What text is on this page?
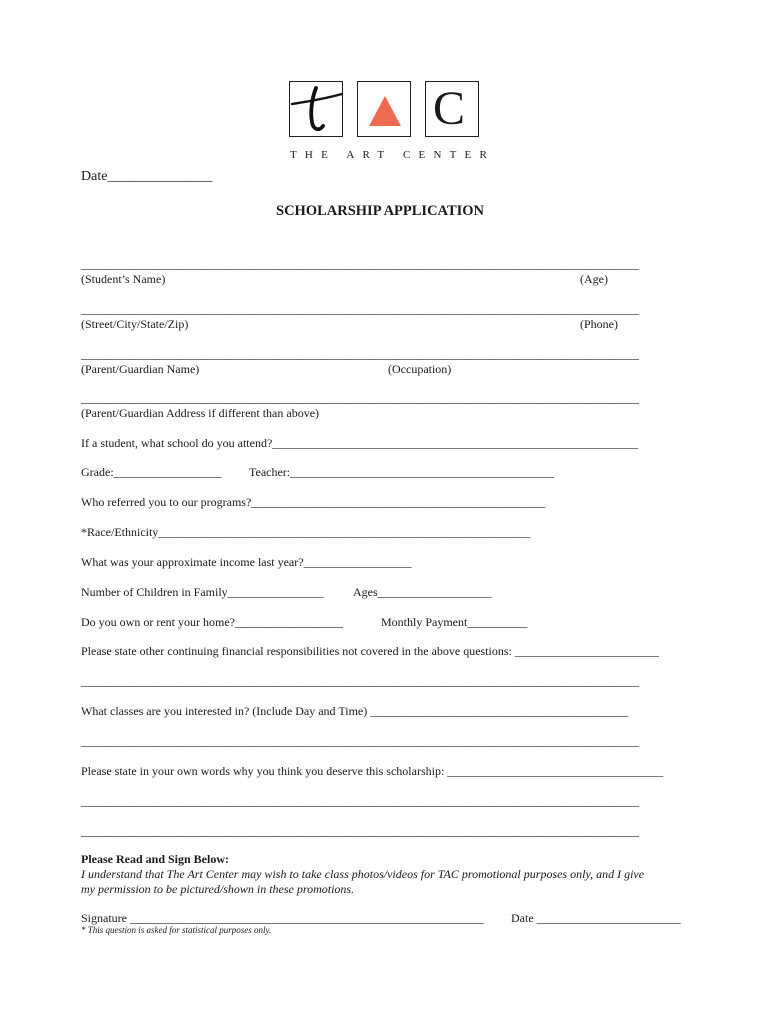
C
THE ART CENTER
Date_______________
SCHOLARSHIP APPLICATION
_____________________________________________________________________________________________
(Student’s Name)	(Age)
_____________________________________________________________________________________________
(Street/City/State/Zip)	(Phone)
_____________________________________________________________________________________________
(Parent/Guardian Name)	(Occupation)
_____________________________________________________________________________________________
(Parent/Guardian Address if different than above)
If a student, what school do you attend?_____________________________________________________________
Grade:__________________ Teacher:____________________________________________
Who referred you to our programs?_________________________________________________
*Race/Ethnicity______________________________________________________________
What was your approximate income last year?__________________
Number of Children in Family________________ Ages___________________
Do you own or rent your home?__________________	Monthly Payment__________
Please state other continuing financial responsibilities not covered in the above questions: ________________________
_____________________________________________________________________________________________
What classes are you interested in? (Include Day and Time) ___________________________________________
_____________________________________________________________________________________________
Please state in your own words why you think you deserve this scholarship: ____________________________________
_____________________________________________________________________________________________
_____________________________________________________________________________________________
Please Read and Sign Below:
I understand that The Art Center may wish to take class photos/videos for TAC promotional purposes only, and I give
my permission to be pictured/shown in these promotions.
Signature ___________________________________________________________ Date ________________________
* This question is asked for statistical purposes only.
